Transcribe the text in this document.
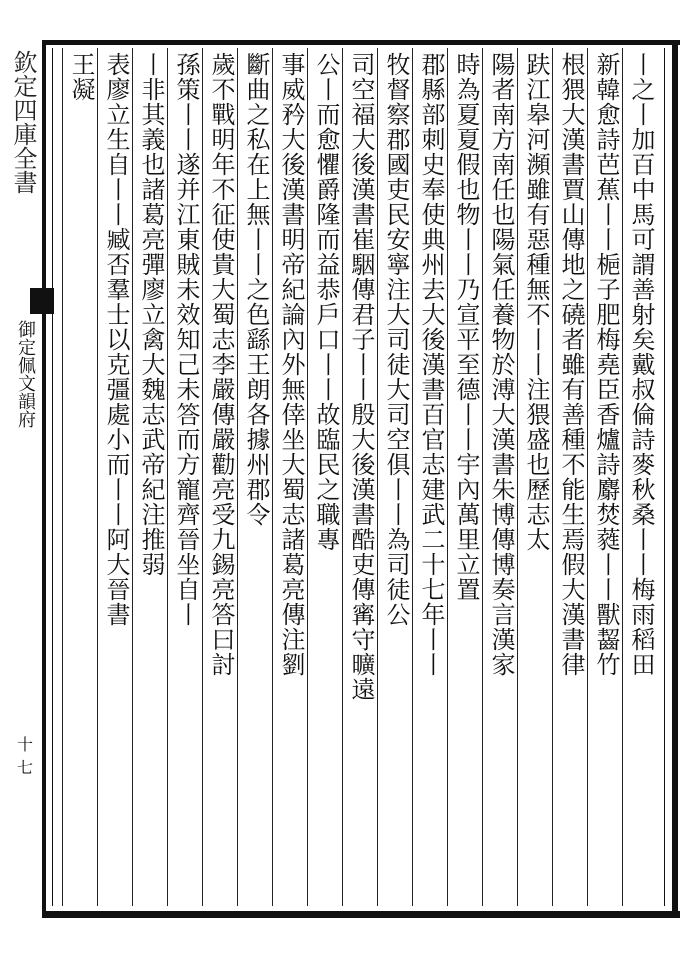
欽定四庫全書
御定佩文韻府
十七
丨之丨加百中馬可謂善射矣戴叔倫詩麥秋桑丨丨梅雨稻田
新韓愈詩芭蕉丨丨梔子肥梅堯臣香爐詩麝焚蕤丨丨獸齧竹
根猥大漢書賈山傳地之磽者雖有善種不能生焉假大漢書律
趺江皋河瀕雖有惡種無不丨丨注猥盛也歷志太
陽者南方南任也陽氣任養物於溥大漢書朱博傳博奏言漢家
時為夏夏假也物丨丨乃宣平至德丨丨宇內萬里立置
郡縣部刺史奉使典州去大後漢書百官志建武二十七年丨丨
牧督察郡國吏民安寧注大司徒大司空俱丨丨為司徒公
司空福大後漢書崔駰傳君子丨丨殷大後漢書酷吏傳寗守曠遠
公丨而愈懼爵隆而益恭戶口丨丨故臨民之職專
事威矜大後漢書明帝紀論內外無倖坐大蜀志諸葛亮傳注劉
斷曲之私在上無丨丨之色繇王朗各據州郡令
歲不戰明年不征使貴大蜀志李嚴傳嚴勸亮受九錫亮答曰討
孫策丨丨遂并江東賊未效知己未答而方寵齊晉坐自丨
丨非其義也諸葛亮彈廖立禽大魏志武帝紀注推弱
表廖立生自丨丨臧否羣士以克彊處小而丨丨阿大晉書
王凝
